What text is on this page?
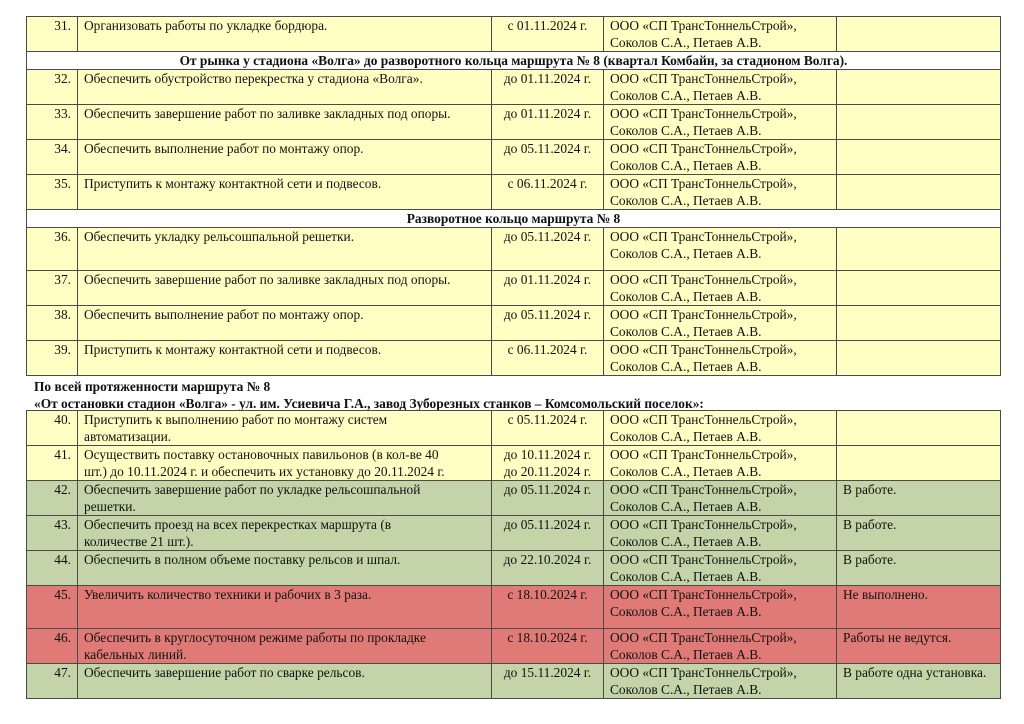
31.	Организовать работы по укладке бордюра.	с 01.11.2024 г.	ООО «СП ТрансТоннельСтрой»,
Соколов С.А., Петаев А.В.	

От рынка у стадиона «Волга» до разворотного кольца маршрута № 8 (квартал Комбайн, за стадионом Волга).				
32.	Обеспечить обустройство перекрестка у стадиона «Волга».	до 01.11.2024 г.	ООО «СП ТрансТоннельСтрой»,
Соколов С.А., Петаев А.В.	

33.	Обеспечить завершение работ по заливке закладных под опоры.	до 01.11.2024 г.	ООО «СП ТрансТоннельСтрой»,
Соколов С.А., Петаев А.В.	

34.	Обеспечить выполнение работ по монтажу опор.	до 05.11.2024 г.	ООО «СП ТрансТоннельСтрой»,
Соколов С.А., Петаев А.В.	

35.	Приступить к монтажу контактной сети и подвесов.	с 06.11.2024 г.	ООО «СП ТрансТоннельСтрой»,
Соколов С.А., Петаев А.В.	

Разворотное кольцо маршрута № 8				
36.	Обеспечить укладку рельсошпальной решетки.	до 05.11.2024 г.	ООО «СП ТрансТоннельСтрой»,
Соколов С.А., Петаев А.В.	

37.	Обеспечить завершение работ по заливке закладных под опоры.	до 01.11.2024 г.	ООО «СП ТрансТоннельСтрой»,
Соколов С.А., Петаев А.В.	

38.	Обеспечить выполнение работ по монтажу опор.	до 05.11.2024 г.	ООО «СП ТрансТоннельСтрой»,
Соколов С.А., Петаев А.В.	

39.	Приступить к монтажу контактной сети и подвесов.	с 06.11.2024 г.	ООО «СП ТрансТоннельСтрой»,
Соколов С.А., Петаев А.В.	

По всей протяженности маршрута № 8
«От остановки стадион «Волга» - ул. им. Усиевича Г.А., завод Зуборезных станков – Комсомольский поселок»:
40.	Приступить к выполнению работ по монтажу систем
автоматизации.	с 05.11.2024 г.	ООО «СП ТрансТоннельСтрой»,
Соколов С.А., Петаев А.В.	

41.	Осуществить поставку остановочных павильонов (в кол-ве 40
шт.) до 10.11.2024 г. и обеспечить их установку до 20.11.2024 г.	до 10.11.2024 г.
до 20.11.2024 г.	ООО «СП ТрансТоннельСтрой»,
Соколов С.А., Петаев А.В.	

42.	Обеспечить завершение работ по укладке рельсошпальной
решетки.	до 05.11.2024 г.	ООО «СП ТрансТоннельСтрой»,
Соколов С.А., Петаев А.В.	В работе.
43.	Обеспечить проезд на всех перекрестках маршрута (в
количестве 21 шт.).	до 05.11.2024 г.	ООО «СП ТрансТоннельСтрой»,
Соколов С.А., Петаев А.В.	В работе.
44.	Обеспечить в полном объеме поставку рельсов и шпал.	до 22.10.2024 г.	ООО «СП ТрансТоннельСтрой»,
Соколов С.А., Петаев А.В.	В работе.
45.	Увеличить количество техники и рабочих в 3 раза.	с 18.10.2024 г.	ООО «СП ТрансТоннельСтрой»,
Соколов С.А., Петаев А.В.	Не выполнено.
46.	Обеспечить в круглосуточном режиме работы по прокладке
кабельных линий.	с 18.10.2024 г.	ООО «СП ТрансТоннельСтрой»,
Соколов С.А., Петаев А.В.	Работы не ведутся.
47.	Обеспечить завершение работ по сварке рельсов.	до 15.11.2024 г.	ООО «СП ТрансТоннельСтрой»,
Соколов С.А., Петаев А.В.	В работе одна установка.
